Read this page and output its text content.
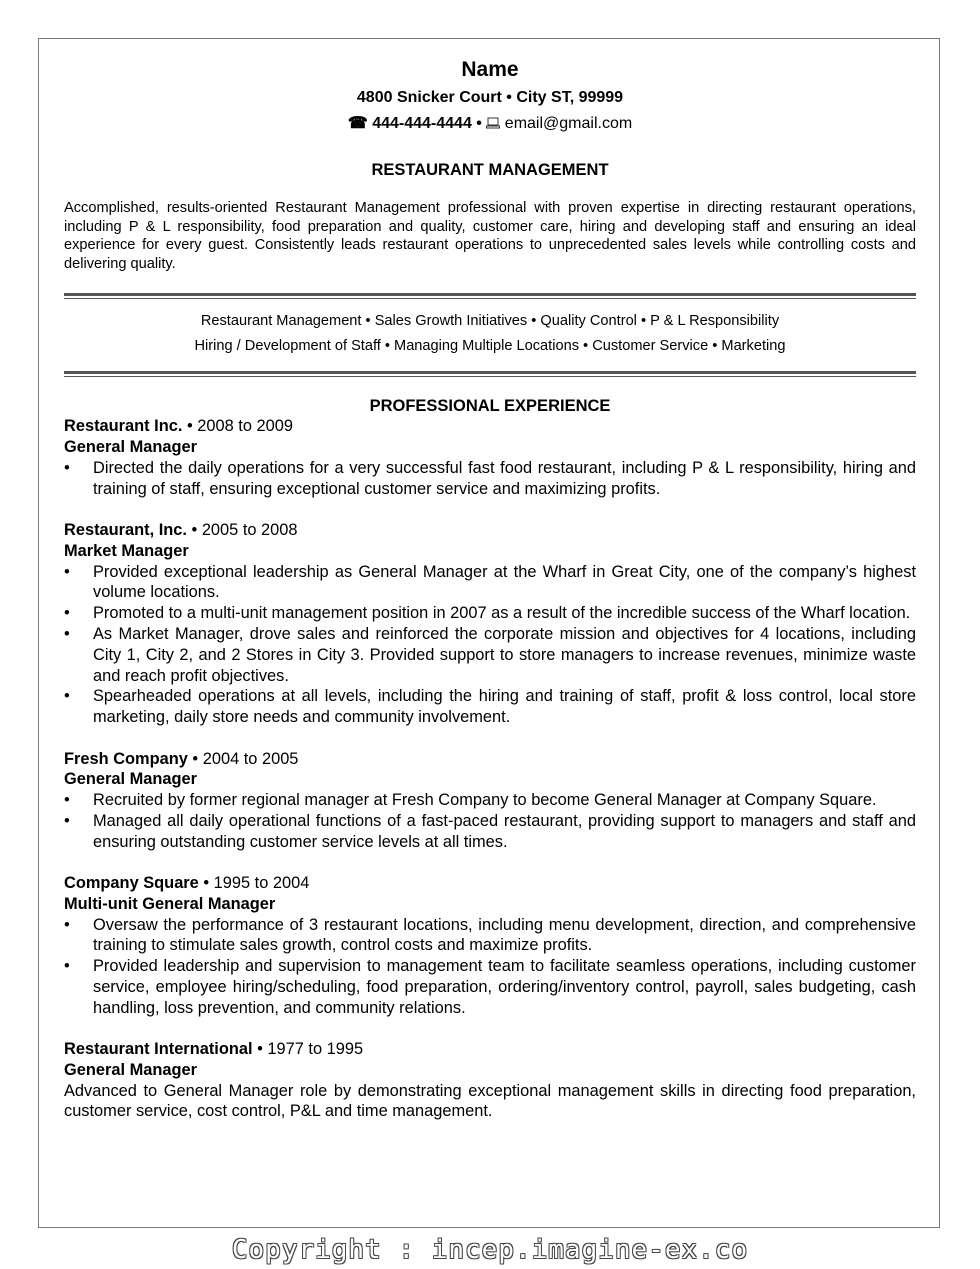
Name
4800 Snicker Court • City ST, 99999
☎ 444-444-4444 • email@gmail.com
RESTAURANT MANAGEMENT
Accomplished, results-oriented Restaurant Management professional with proven expertise in directing restaurant operations, including P & L responsibility, food preparation and quality, customer care, hiring and developing staff and ensuring an ideal experience for every guest. Consistently leads restaurant operations to unprecedented sales levels while controlling costs and delivering quality.
Restaurant Management • Sales Growth Initiatives • Quality Control • P & L Responsibility
Hiring / Development of Staff • Managing Multiple Locations • Customer Service • Marketing
PROFESSIONAL EXPERIENCE
Restaurant Inc. • 2008 to 2009
General Manager
• Directed the daily operations for a very successful fast food restaurant, including P & L responsibility, hiring and training of staff, ensuring exceptional customer service and maximizing profits.
Restaurant, Inc. • 2005 to 2008
Market Manager
• Provided exceptional leadership as General Manager at the Wharf in Great City, one of the company’s highest volume locations.
• Promoted to a multi-unit management position in 2007 as a result of the incredible success of the Wharf location.
• As Market Manager, drove sales and reinforced the corporate mission and objectives for 4 locations, including City 1, City 2, and 2 Stores in City 3. Provided support to store managers to increase revenues, minimize waste and reach profit objectives.
• Spearheaded operations at all levels, including the hiring and training of staff, profit & loss control, local store marketing, daily store needs and community involvement.
Fresh Company • 2004 to 2005
General Manager
• Recruited by former regional manager at Fresh Company to become General Manager at Company Square.
• Managed all daily operational functions of a fast-paced restaurant, providing support to managers and staff and ensuring outstanding customer service levels at all times.
Company Square • 1995 to 2004
Multi-unit General Manager
• Oversaw the performance of 3 restaurant locations, including menu development, direction, and comprehensive training to stimulate sales growth, control costs and maximize profits.
• Provided leadership and supervision to management team to facilitate seamless operations, including customer service, employee hiring/scheduling, food preparation, ordering/inventory control, payroll, sales budgeting, cash handling, loss prevention, and community relations.
Restaurant International • 1977 to 1995
General Manager
Advanced to General Manager role by demonstrating exceptional management skills in directing food preparation, customer service, cost control, P&L and time management.
Copyright : incep.imagine-ex.co
